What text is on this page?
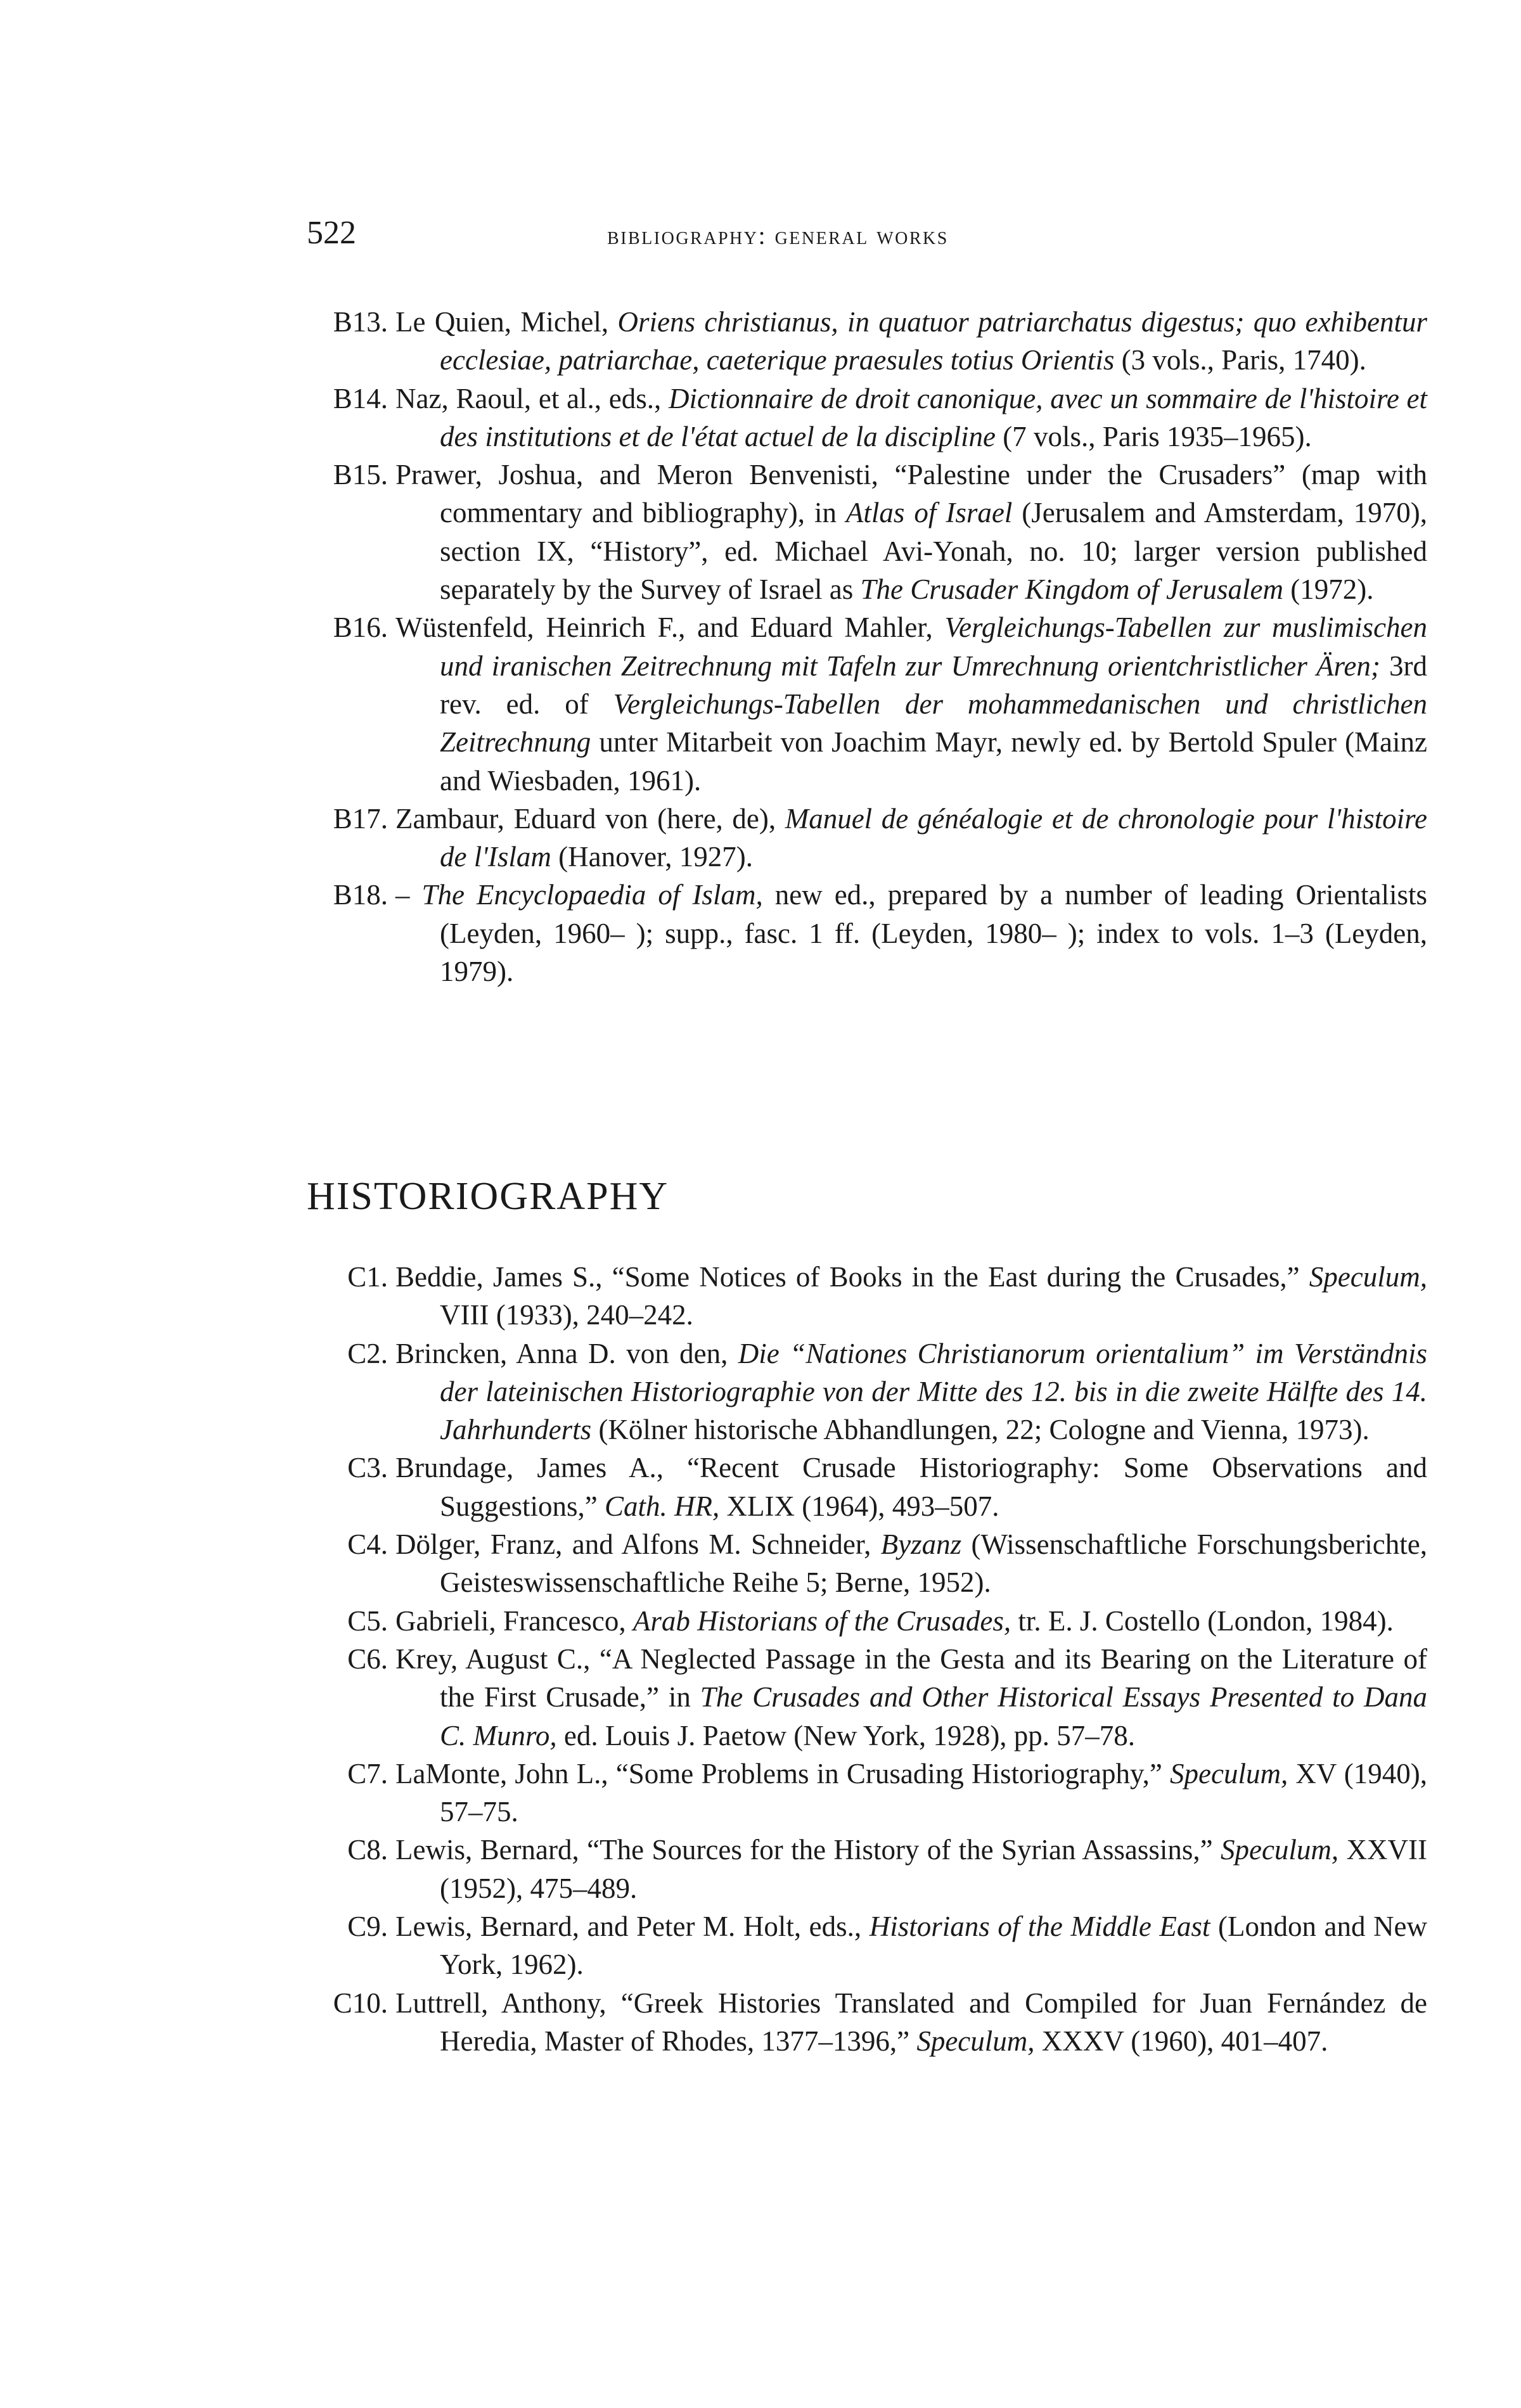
522	bibliography: general works
B13. Le Quien, Michel, Oriens christianus, in quatuor patriarchatus digestus; quo exhibentur ecclesiae, patriarchae, caeterique praesules totius Orientis (3 vols., Paris, 1740).
B14. Naz, Raoul, et al., eds., Dictionnaire de droit canonique, avec un sommaire de l'histoire et des institutions et de l'état actuel de la discipline (7 vols., Paris 1935–1965).
B15. Prawer, Joshua, and Meron Benvenisti, “Palestine under the Crusaders” (map with commentary and bibliography), in Atlas of Israel (Jerusalem and Amsterdam, 1970), section IX, “History”, ed. Michael Avi-Yonah, no. 10; larger version published separately by the Survey of Israel as The Crusader Kingdom of Jerusalem (1972).
B16. Wüstenfeld, Heinrich F., and Eduard Mahler, Vergleichungs-Tabellen zur muslimischen und iranischen Zeitrechnung mit Tafeln zur Umrechnung orientchristlicher Ären; 3rd rev. ed. of Vergleichungs-Tabellen der mohammedanischen und christlichen Zeitrechnung unter Mitarbeit von Joachim Mayr, newly ed. by Bertold Spuler (Mainz and Wiesbaden, 1961).
B17. Zambaur, Eduard von (here, de), Manuel de généalogie et de chronologie pour l'histoire de l'Islam (Hanover, 1927).
B18. – The Encyclopaedia of Islam, new ed., prepared by a number of leading Orientalists (Leyden, 1960– ); supp., fasc. 1 ff. (Leyden, 1980– ); index to vols. 1–3 (Leyden, 1979).
HISTORIOGRAPHY
C1. Beddie, James S., “Some Notices of Books in the East during the Crusades,” Speculum, VIII (1933), 240–242.
C2. Brincken, Anna D. von den, Die “Nationes Christianorum orientalium” im Verständnis der lateinischen Historiographie von der Mitte des 12. bis in die zweite Hälfte des 14. Jahrhunderts (Kölner historische Abhandlungen, 22; Cologne and Vienna, 1973).
C3. Brundage, James A., “Recent Crusade Historiography: Some Observations and Suggestions,” Cath. HR, XLIX (1964), 493–507.
C4. Dölger, Franz, and Alfons M. Schneider, Byzanz (Wissenschaftliche Forschungsberichte, Geisteswissenschaftliche Reihe 5; Berne, 1952).
C5. Gabrieli, Francesco, Arab Historians of the Crusades, tr. E. J. Costello (London, 1984).
C6. Krey, August C., “A Neglected Passage in the Gesta and its Bearing on the Literature of the First Crusade,” in The Crusades and Other Historical Essays Presented to Dana C. Munro, ed. Louis J. Paetow (New York, 1928), pp. 57–78.
C7. LaMonte, John L., “Some Problems in Crusading Historiography,” Speculum, XV (1940), 57–75.
C8. Lewis, Bernard, “The Sources for the History of the Syrian Assassins,” Speculum, XXVII (1952), 475–489.
C9. Lewis, Bernard, and Peter M. Holt, eds., Historians of the Middle East (London and New York, 1962).
C10. Luttrell, Anthony, “Greek Histories Translated and Compiled for Juan Fernández de Heredia, Master of Rhodes, 1377–1396,” Speculum, XXXV (1960), 401–407.
